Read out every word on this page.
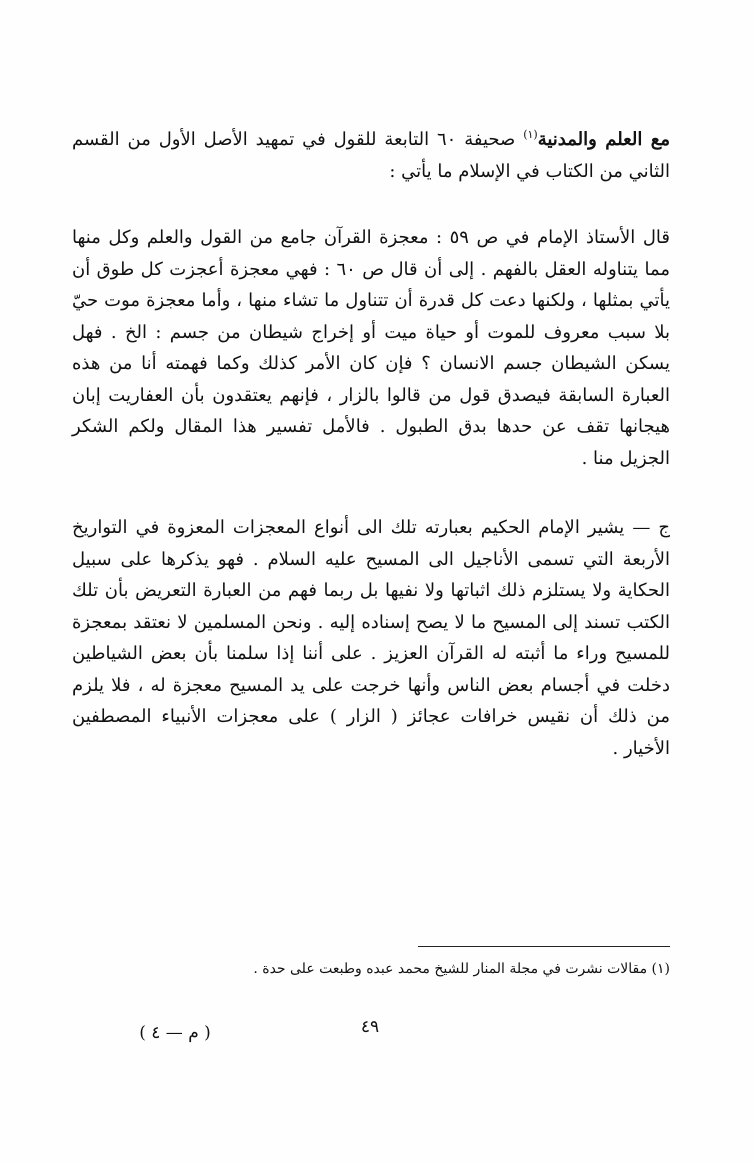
مع العلم والمدنية$^{(١)}$ صحيفة ٦٠ التابعة للقول في تمهيد الأصل الأول من القسم الثاني من الكتاب في الإسلام ما يأتي :

قال الأستاذ الإمام في ص ٥٩ : معجزة القرآن جامع من القول والعلم وكل منها مما يتناوله العقل بالفهم . إلى أن قال ص ٦٠ : فهي معجزة أعجزت كل طوق أن يأتي بمثلها ، ولكنها دعت كل قدرة أن تتناول ما تشاء منها ، وأما معجزة موت حيّ بلا سبب معروف للموت أو حياة ميت أو إخراج شيطان من جسم : الخ . فهل يسكن الشيطان جسم الانسان ؟ فإن كان الأمر كذلك وكما فهمته أنا من هذه العبارة السابقة فيصدق قول من قالوا بالزار ، فإنهم يعتقدون بأن العفاريت إبان هيجانها تقف عن حدها بدق الطبول . فالأمل تفسير هذا المقال ولكم الشكر الجزيل منا .

ج — يشير الإمام الحكيم بعبارته تلك الى أنواع المعجزات المعزوة في التواريخ الأربعة التي تسمى الأناجيل الى المسيح عليه السلام . فهو يذكرها على سبيل الحكاية ولا يستلزم ذلك اثباتها ولا نفيها بل ربما فهم من العبارة التعريض بأن تلك الكتب تسند إلى المسيح ما لا يصح إسناده إليه . ونحن المسلمين لا نعتقد بمعجزة للمسيح وراء ما أثبته له القرآن العزيز . على أننا إذا سلمنا بأن بعض الشياطين دخلت في أجسام بعض الناس وأنها خرجت على يد المسيح معجزة له ، فلا يلزم من ذلك أن نقيس خرافات عجائز ( الزار ) على معجزات الأنبياء المصطفين الأخيار .

(١) مقالات نشرت في مجلة المنار للشيخ محمد عبده وطبعت على حدة .

٤٩
( م — ٤ )
